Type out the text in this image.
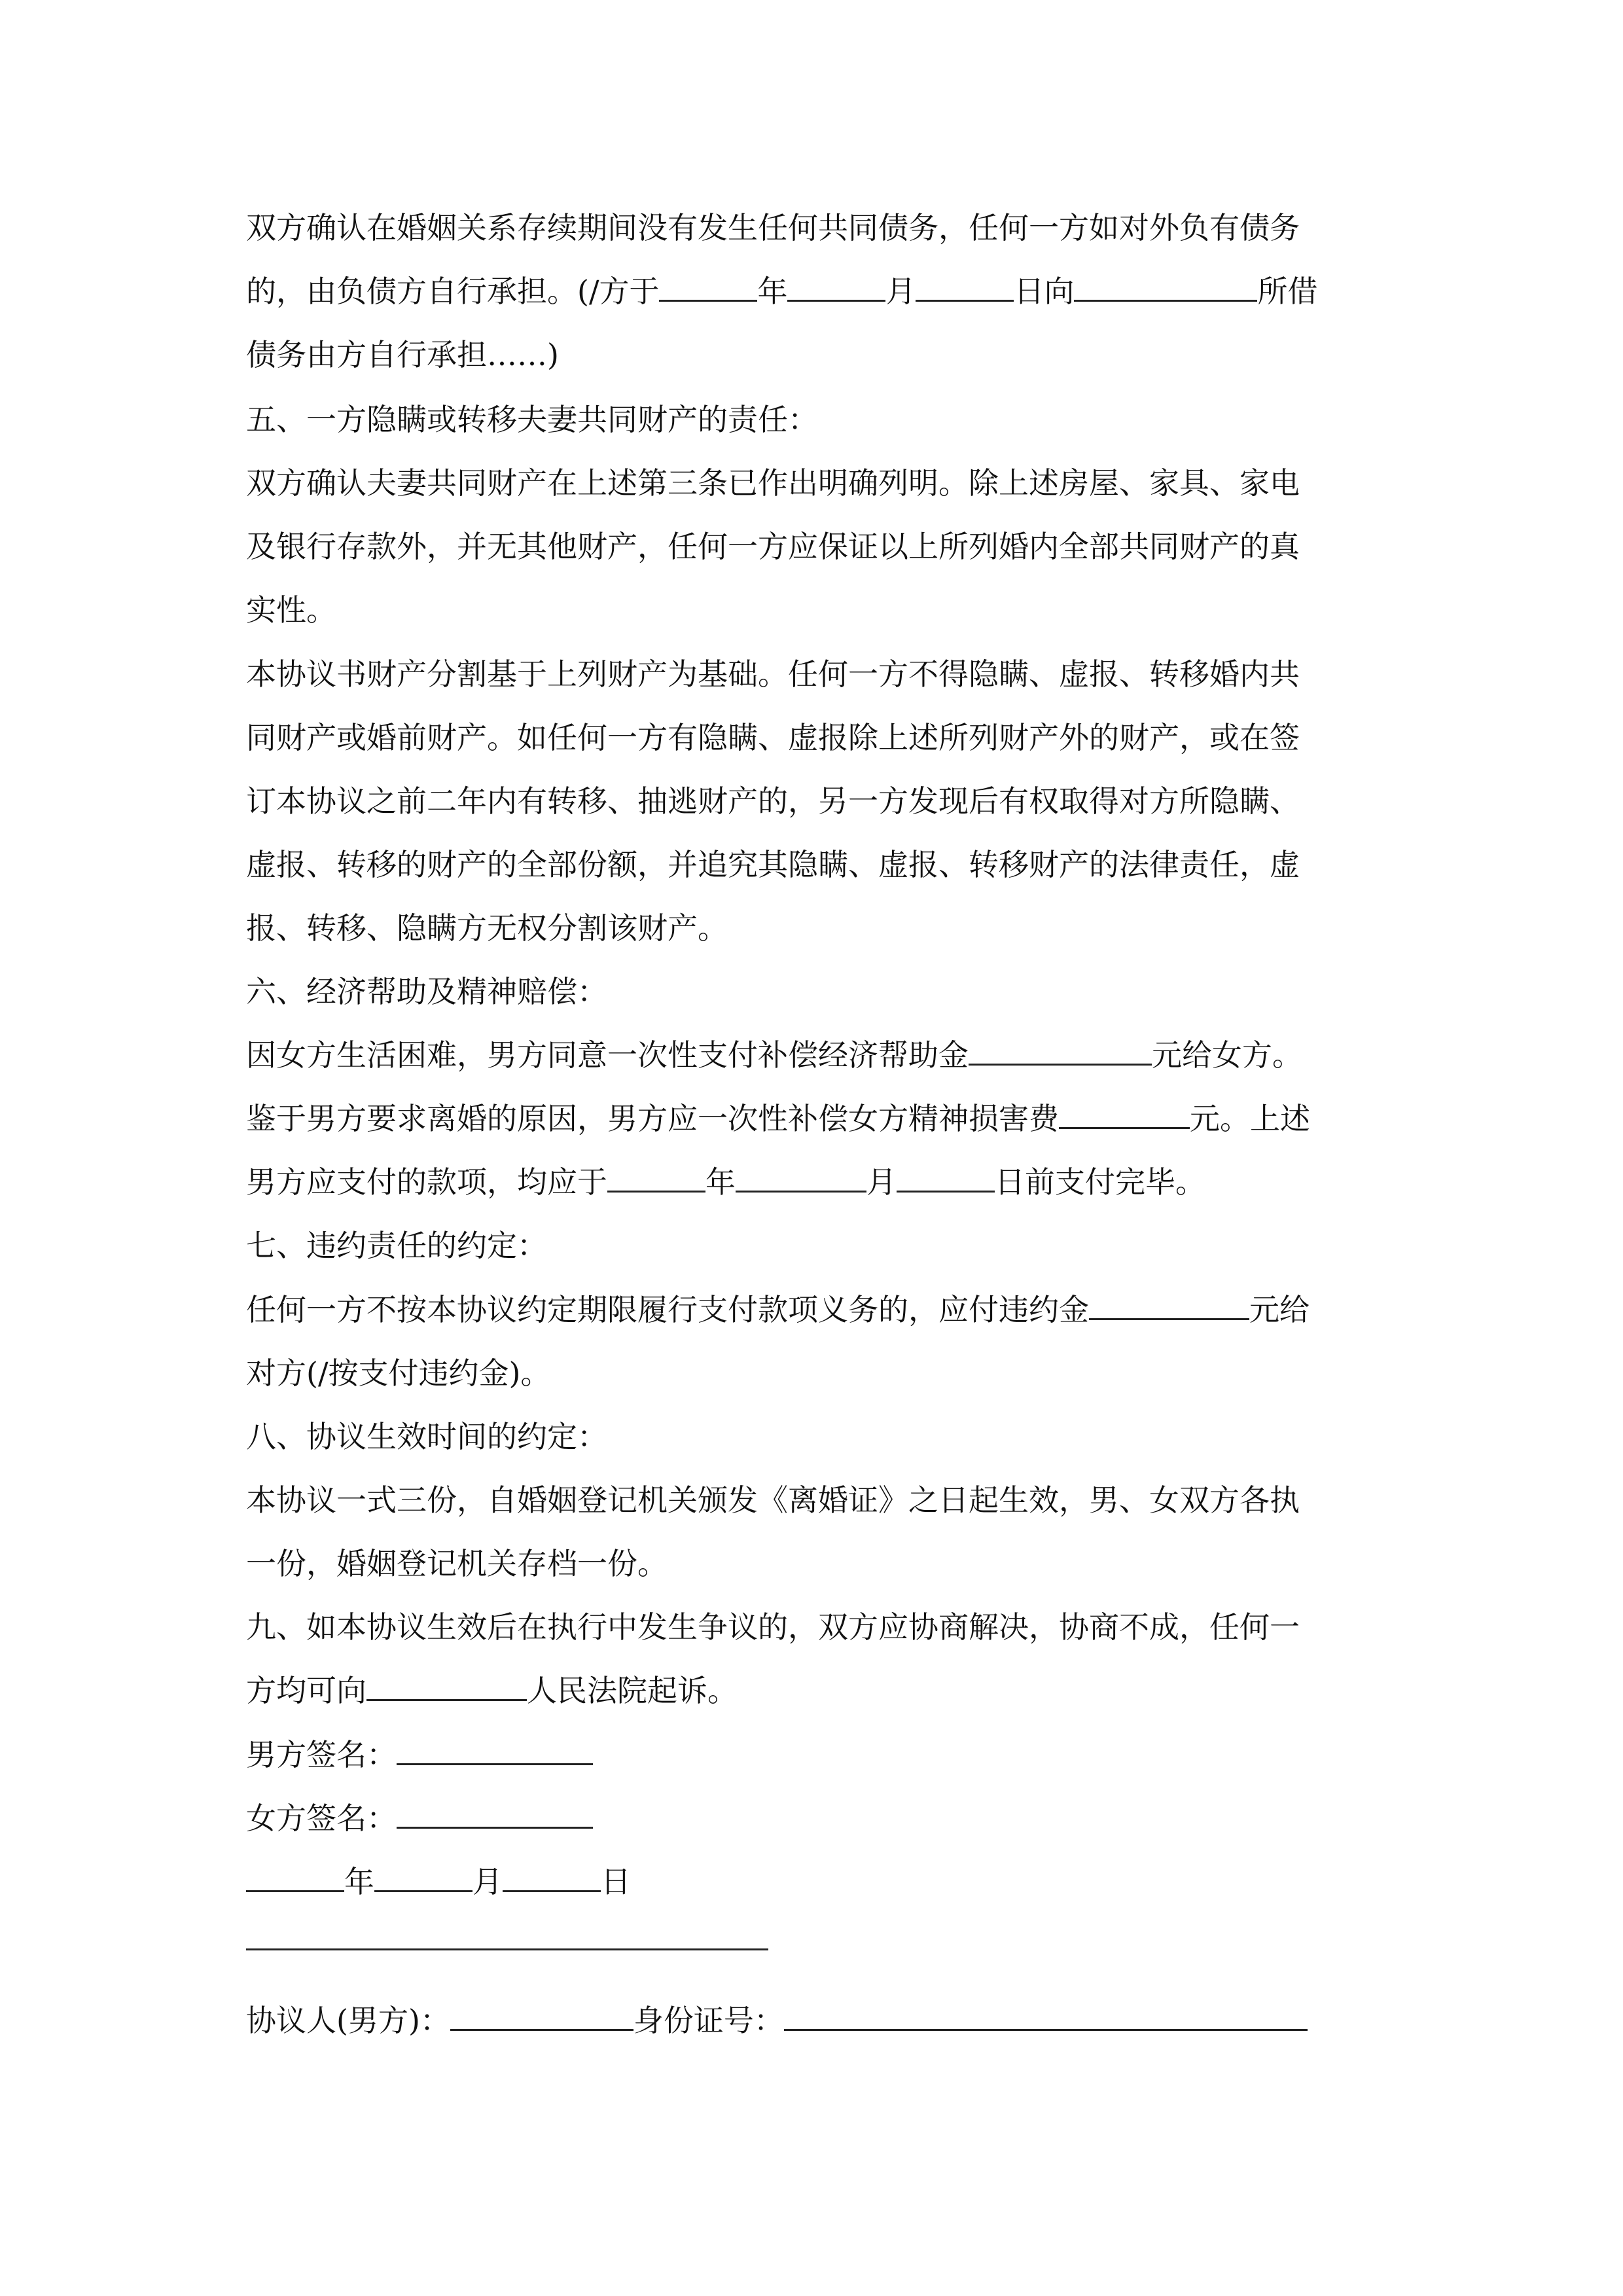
双方确认在婚姻关系存续期间没有发生任何共同债务，任何一方如对外负有债务
的，由负债方自行承担。(/方于	年	月	日向	所借
债务由方自行承担……)
五、一方隐瞒或转移夫妻共同财产的责任：
双方确认夫妻共同财产在上述第三条已作出明确列明。除上述房屋、家具、家电
及银行存款外，并无其他财产，任何一方应保证以上所列婚内全部共同财产的真
实性。
本协议书财产分割基于上列财产为基础。任何一方不得隐瞒、虚报、转移婚内共
同财产或婚前财产。如任何一方有隐瞒、虚报除上述所列财产外的财产，或在签
订本协议之前二年内有转移、抽逃财产的，另一方发现后有权取得对方所隐瞒、
虚报、转移的财产的全部份额，并追究其隐瞒、虚报、转移财产的法律责任，虚
报、转移、隐瞒方无权分割该财产。
六、经济帮助及精神赔偿：
因女方生活困难，男方同意一次性支付补偿经济帮助金	元给女方。
鉴于男方要求离婚的原因，男方应一次性补偿女方精神损害费	元。上述
男方应支付的款项，均应于	年	月	日前支付完毕。
七、违约责任的约定：
任何一方不按本协议约定期限履行支付款项义务的，应付违约金	元给
对方(/按支付违约金)。
八、协议生效时间的约定：
本协议一式三份，自婚姻登记机关颁发《离婚证》之日起生效，男、女双方各执
一份，婚姻登记机关存档一份。
九、如本协议生效后在执行中发生争议的，双方应协商解决，协商不成，任何一
方均可向	人民法院起诉。
男方签名：
女方签名：
年	月	日
协议人(男方)：	身份证号：
